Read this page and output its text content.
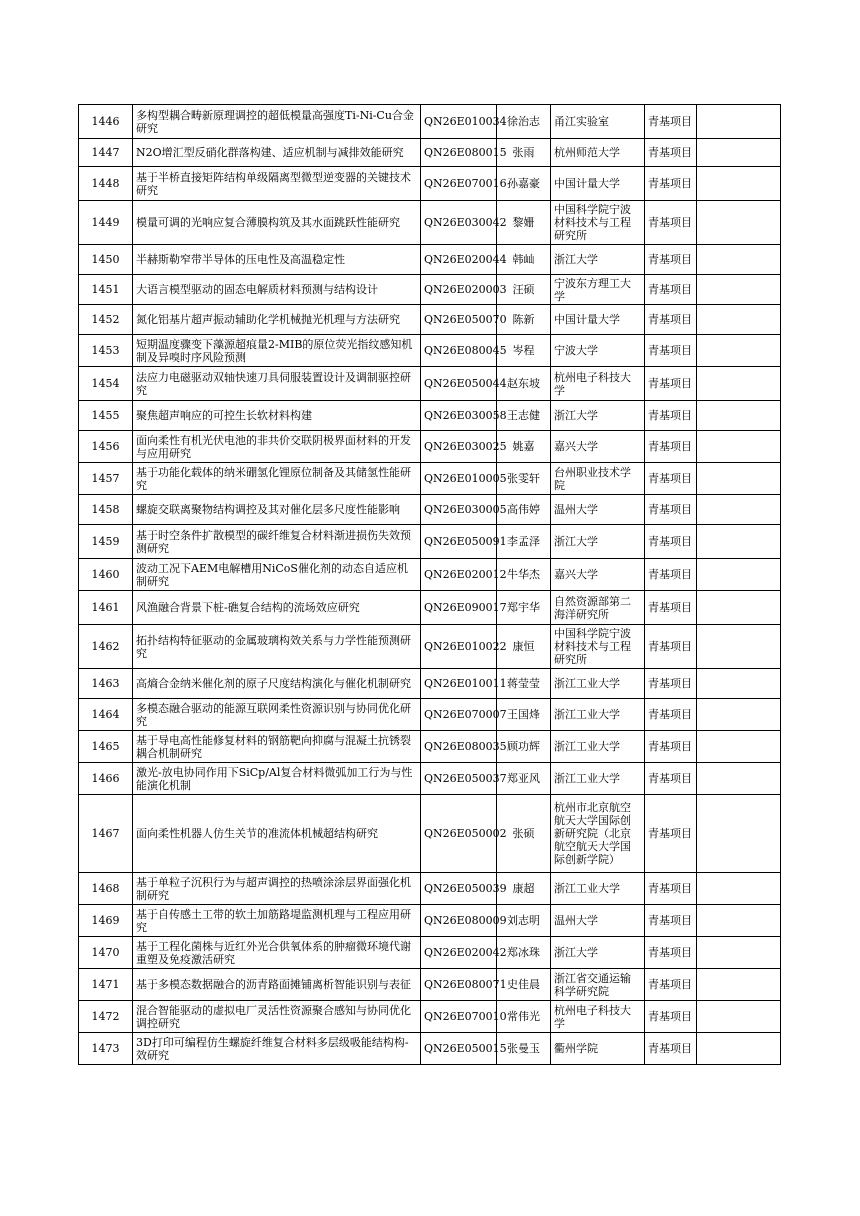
1446	多构型耦合畴新原理调控的超低模量高强度Ti-Ni-Cu合金研究	QN26E010034	徐治志	甬江实验室	青基项目	
1447	N2O增汇型反硝化群落构建、适应机制与减排效能研究	QN26E080015	张雨	杭州师范大学	青基项目	
1448	基于半桥直接矩阵结构单级隔离型微型逆变器的关键技术研究	QN26E070016	孙嘉豪	中国计量大学	青基项目	
1449	模量可调的光响应复合薄膜构筑及其水面跳跃性能研究	QN26E030042	黎姗	中国科学院宁波材料技术与工程研究所	青基项目	
1450	半赫斯勒窄带半导体的压电性及高温稳定性	QN26E020044	韩屾	浙江大学	青基项目	
1451	大语言模型驱动的固态电解质材料预测与结构设计	QN26E020003	汪硕	宁波东方理工大学	青基项目	
1452	氮化铝基片超声振动辅助化学机械抛光机理与方法研究	QN26E050070	陈新	中国计量大学	青基项目	
1453	短期温度骤变下藻源超痕量2-MIB的原位荧光指纹感知机制及异嗅时序风险预测	QN26E080045	岑程	宁波大学	青基项目	
1454	法应力电磁驱动双轴快速刀具伺服装置设计及调制驱控研究	QN26E050044	赵东坡	杭州电子科技大学	青基项目	
1455	聚焦超声响应的可控生长软材料构建	QN26E030058	王志健	浙江大学	青基项目	
1456	面向柔性有机光伏电池的非共价交联阴极界面材料的开发与应用研究	QN26E030025	姚嘉	嘉兴大学	青基项目	
1457	基于功能化载体的纳米硼氢化锂原位制备及其储氢性能研究	QN26E010005	张雯轩	台州职业技术学院	青基项目	
1458	螺旋交联离聚物结构调控及其对催化层多尺度性能影响	QN26E030005	高伟婷	温州大学	青基项目	
1459	基于时空条件扩散模型的碳纤维复合材料渐进损伤失效预测研究	QN26E050091	李孟泽	浙江大学	青基项目	
1460	波动工况下AEM电解槽用NiCoS催化剂的动态自适应机制研究	QN26E020012	牛华杰	嘉兴大学	青基项目	
1461	风渔融合背景下桩-礁复合结构的流场效应研究	QN26E090017	郑宇华	自然资源部第二海洋研究所	青基项目	
1462	拓扑结构特征驱动的金属玻璃构效关系与力学性能预测研究	QN26E010022	康恒	中国科学院宁波材料技术与工程研究所	青基项目	
1463	高熵合金纳米催化剂的原子尺度结构演化与催化机制研究	QN26E010011	蒋莹莹	浙江工业大学	青基项目	
1464	多模态融合驱动的能源互联网柔性资源识别与协同优化研究	QN26E070007	王国烽	浙江工业大学	青基项目	
1465	基于导电高性能修复材料的钢筋靶向抑腐与混凝土抗锈裂耦合机制研究	QN26E080035	顾功辉	浙江工业大学	青基项目	
1466	激光-放电协同作用下SiCp/Al复合材料微弧加工行为与性能演化机制	QN26E050037	郑亚风	浙江工业大学	青基项目	
1467	面向柔性机器人仿生关节的准流体机械超结构研究	QN26E050002	张硕	杭州市北京航空航天大学国际创新研究院（北京航空航天大学国际创新学院）	青基项目	
1468	基于单粒子沉积行为与超声调控的热喷涂涂层界面强化机制研究	QN26E050039	康超	浙江工业大学	青基项目	
1469	基于自传感土工带的软土加筋路堤监测机理与工程应用研究	QN26E080009	刘志明	温州大学	青基项目	
1470	基于工程化菌株与近红外光合供氧体系的肿瘤微环境代谢重塑及免疫激活研究	QN26E020042	郑冰珠	浙江大学	青基项目	
1471	基于多模态数据融合的沥青路面摊铺离析智能识别与表征	QN26E080071	史佳晨	浙江省交通运输科学研究院	青基项目	
1472	混合智能驱动的虚拟电厂灵活性资源聚合感知与协同优化调控研究	QN26E070010	常伟光	杭州电子科技大学	青基项目	
1473	3D打印可编程仿生螺旋纤维复合材料多层级吸能结构构-效研究	QN26E050015	张曼玉	衢州学院	青基项目	
